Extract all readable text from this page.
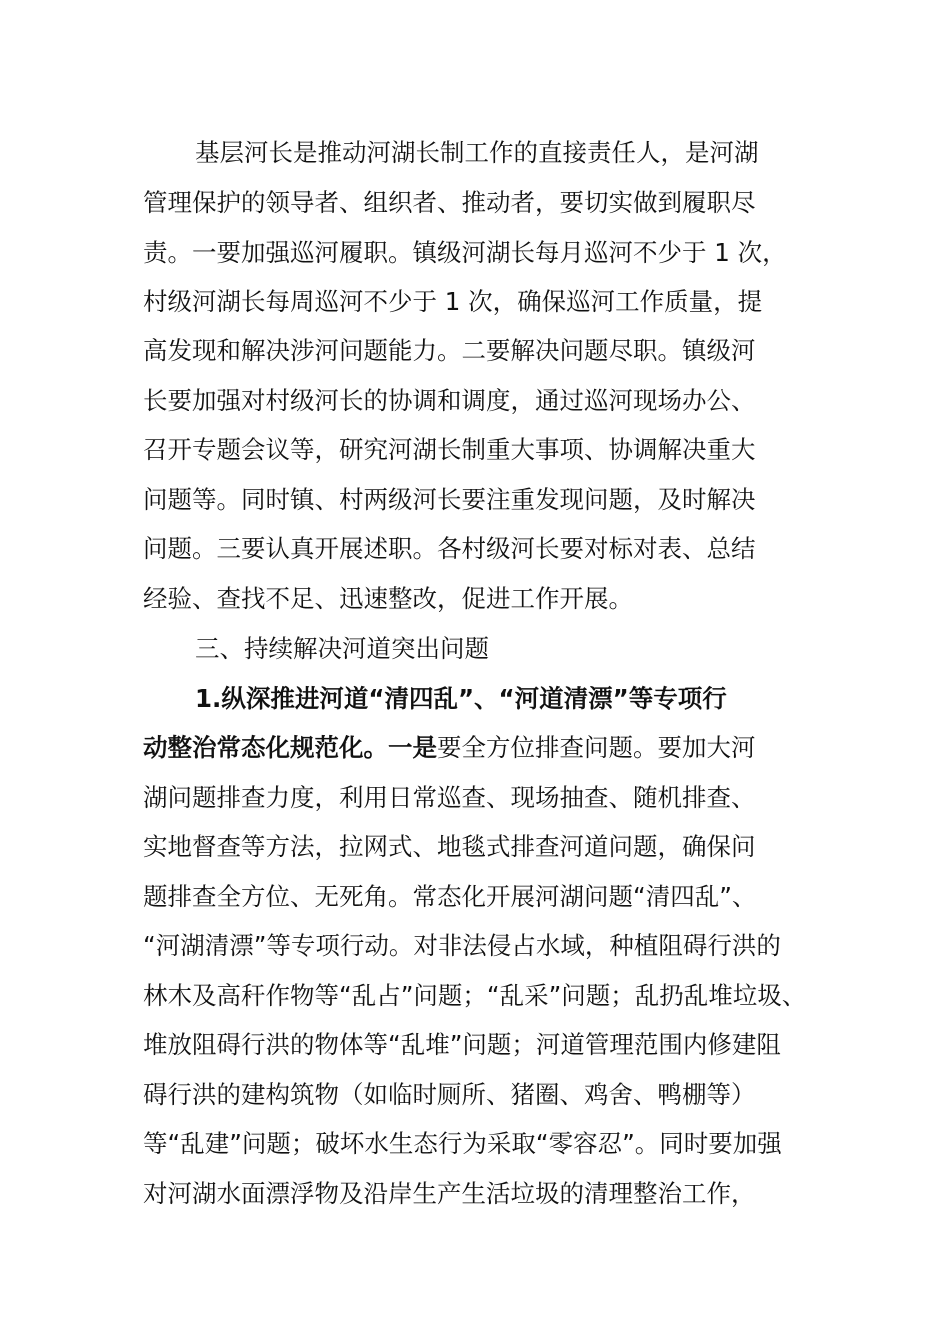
基层河长是推动河湖长制工作的直接责任人，是河湖
管理保护的领导者、组织者、推动者，要切实做到履职尽
责。一要加强巡河履职。镇级河湖长每月巡河不少于 1 次，
村级河湖长每周巡河不少于 1 次，确保巡河工作质量，提
高发现和解决涉河问题能力。二要解决问题尽职。镇级河
长要加强对村级河长的协调和调度，通过巡河现场办公、
召开专题会议等，研究河湖长制重大事项、协调解决重大
问题等。同时镇、村两级河长要注重发现问题，及时解决
问题。三要认真开展述职。各村级河长要对标对表、总结
经验、查找不足、迅速整改，促进工作开展。
三、持续解决河道突出问题
1.纵深推进河道“清四乱”、“河道清漂”等专项行
动整治常态化规范化。一是要全方位排查问题。要加大河
湖问题排查力度，利用日常巡查、现场抽查、随机排查、
实地督查等方法，拉网式、地毯式排查河道问题，确保问
题排查全方位、无死角。常态化开展河湖问题“清四乱”、
“河湖清漂”等专项行动。对非法侵占水域，种植阻碍行洪的
林木及高秆作物等“乱占”问题；“乱采”问题；乱扔乱堆垃圾、
堆放阻碍行洪的物体等“乱堆”问题；河道管理范围内修建阻
碍行洪的建构筑物（如临时厕所、猪圈、鸡舍、鸭棚等）
等“乱建”问题；破坏水生态行为采取“零容忍”。同时要加强
对河湖水面漂浮物及沿岸生产生活垃圾的清理整治工作，
